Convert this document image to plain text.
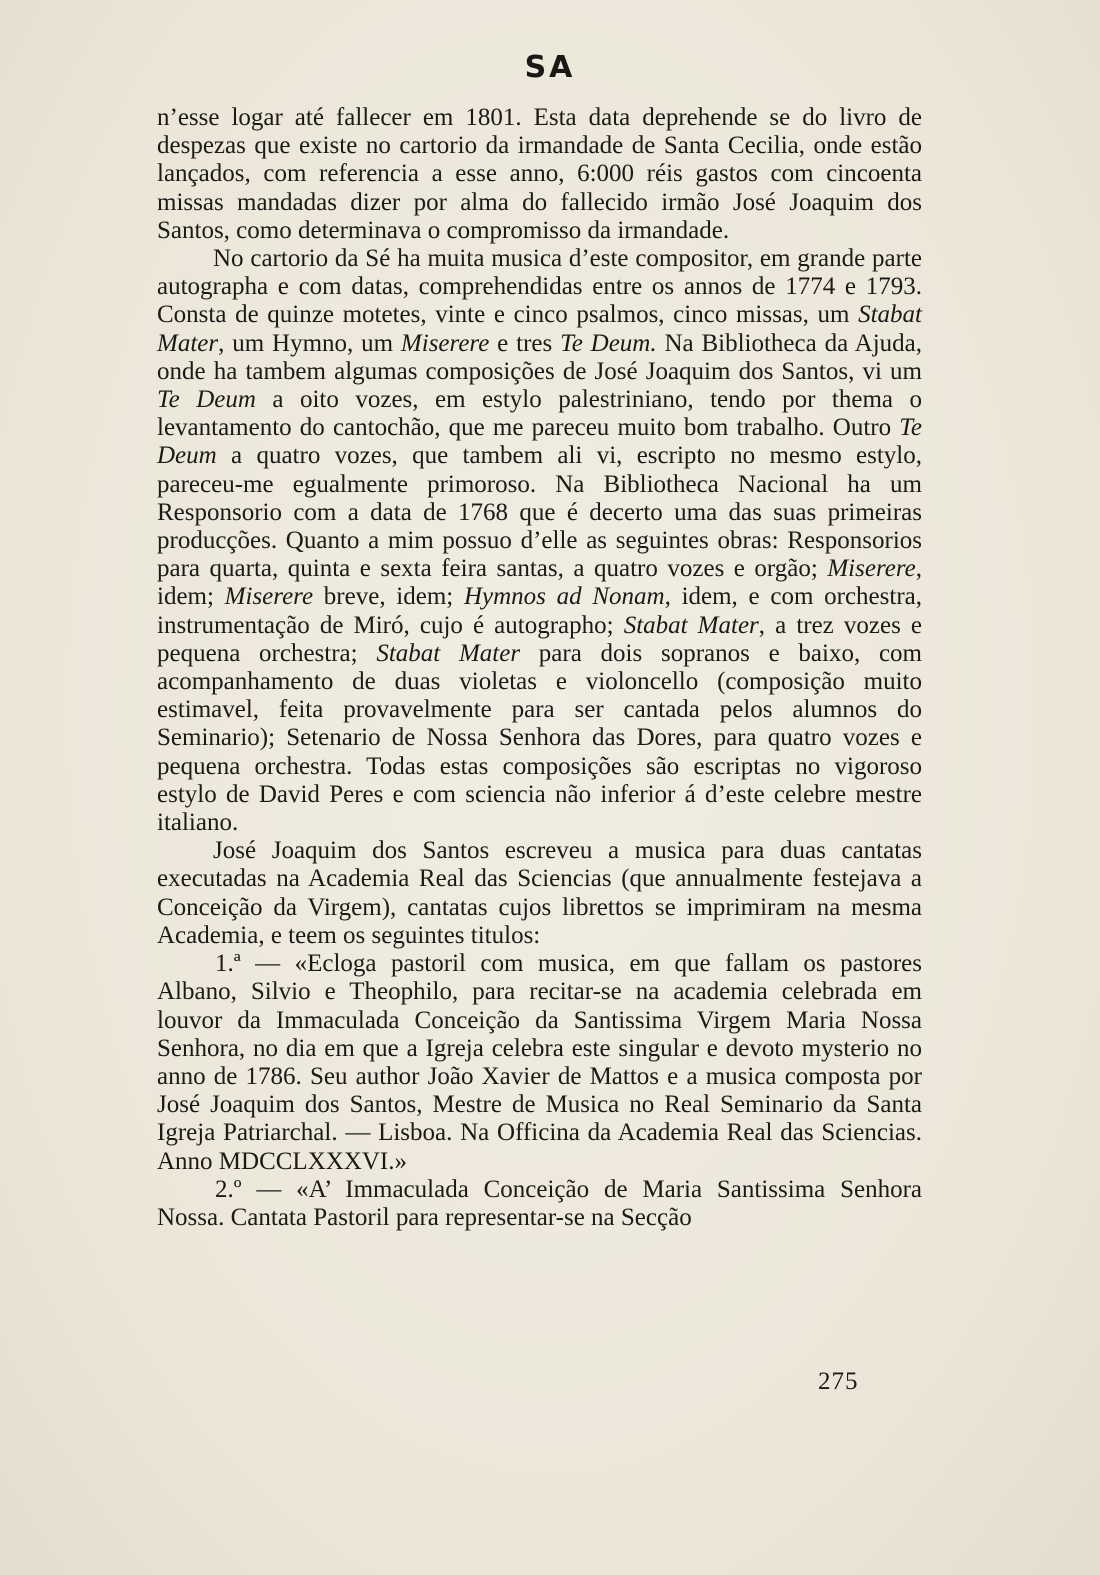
SA

n’esse logar até fallecer em 1801. Esta data deprehende se do livro de despezas que existe no cartorio da irmandade de Santa Cecilia, onde estão lançados, com referencia a esse anno, 6:000 réis gastos com cincoenta missas mandadas dizer por alma do fallecido irmão José Joaquim dos Santos, como determinava o compromisso da irmandade.

No cartorio da Sé ha muita musica d’este compositor, em grande parte autographa e com datas, comprehendidas entre os annos de 1774 e 1793. Consta de quinze motetes, vinte e cinco psalmos, cinco missas, um Stabat Mater, um Hymno, um Miserere e tres Te Deum. Na Bibliotheca da Ajuda, onde ha tambem algumas composições de José Joaquim dos Santos, vi um Te Deum a oito vozes, em estylo palestriniano, tendo por thema o levantamento do cantochão, que me pareceu muito bom trabalho. Outro Te Deum a quatro vozes, que tambem ali vi, escripto no mesmo estylo, pareceu-me egualmente primoroso. Na Bibliotheca Nacional ha um Responsorio com a data de 1768 que é decerto uma das suas primeiras producções. Quanto a mim possuo d’elle as seguintes obras: Responsorios para quarta, quinta e sexta feira santas, a quatro vozes e orgão; Miserere, idem; Miserere breve, idem; Hymnos ad Nonam, idem, e com orchestra, instrumentação de Miró, cujo é autographo; Stabat Mater, a trez vozes e pequena orchestra; Stabat Mater para dois sopranos e baixo, com acompanhamento de duas violetas e violoncello (composição muito estimavel, feita provavelmente para ser cantada pelos alumnos do Seminario); Setenario de Nossa Senhora das Dores, para quatro vozes e pequena orchestra. Todas estas composições são escriptas no vigoroso estylo de David Peres e com sciencia não inferior á d’este celebre mestre italiano.

José Joaquim dos Santos escreveu a musica para duas cantatas executadas na Academia Real das Sciencias (que annualmente festejava a Conceição da Virgem), cantatas cujos librettos se imprimiram na mesma Academia, e teem os seguintes titulos:

1.ª — «Ecloga pastoril com musica, em que fallam os pastores Albano, Silvio e Theophilo, para recitar-se na academia celebrada em louvor da Immaculada Conceição da Santissima Virgem Maria Nossa Senhora, no dia em que a Igreja celebra este singular e devoto mysterio no anno de 1786. Seu author João Xavier de Mattos e a musica composta por José Joaquim dos Santos, Mestre de Musica no Real Seminario da Santa Igreja Patriarchal. — Lisboa. Na Officina da Academia Real das Sciencias. Anno MDCCLXXXVI.»

2.º — «A’ Immaculada Conceição de Maria Santissima Senhora Nossa. Cantata Pastoril para representar-se na Secção

275
